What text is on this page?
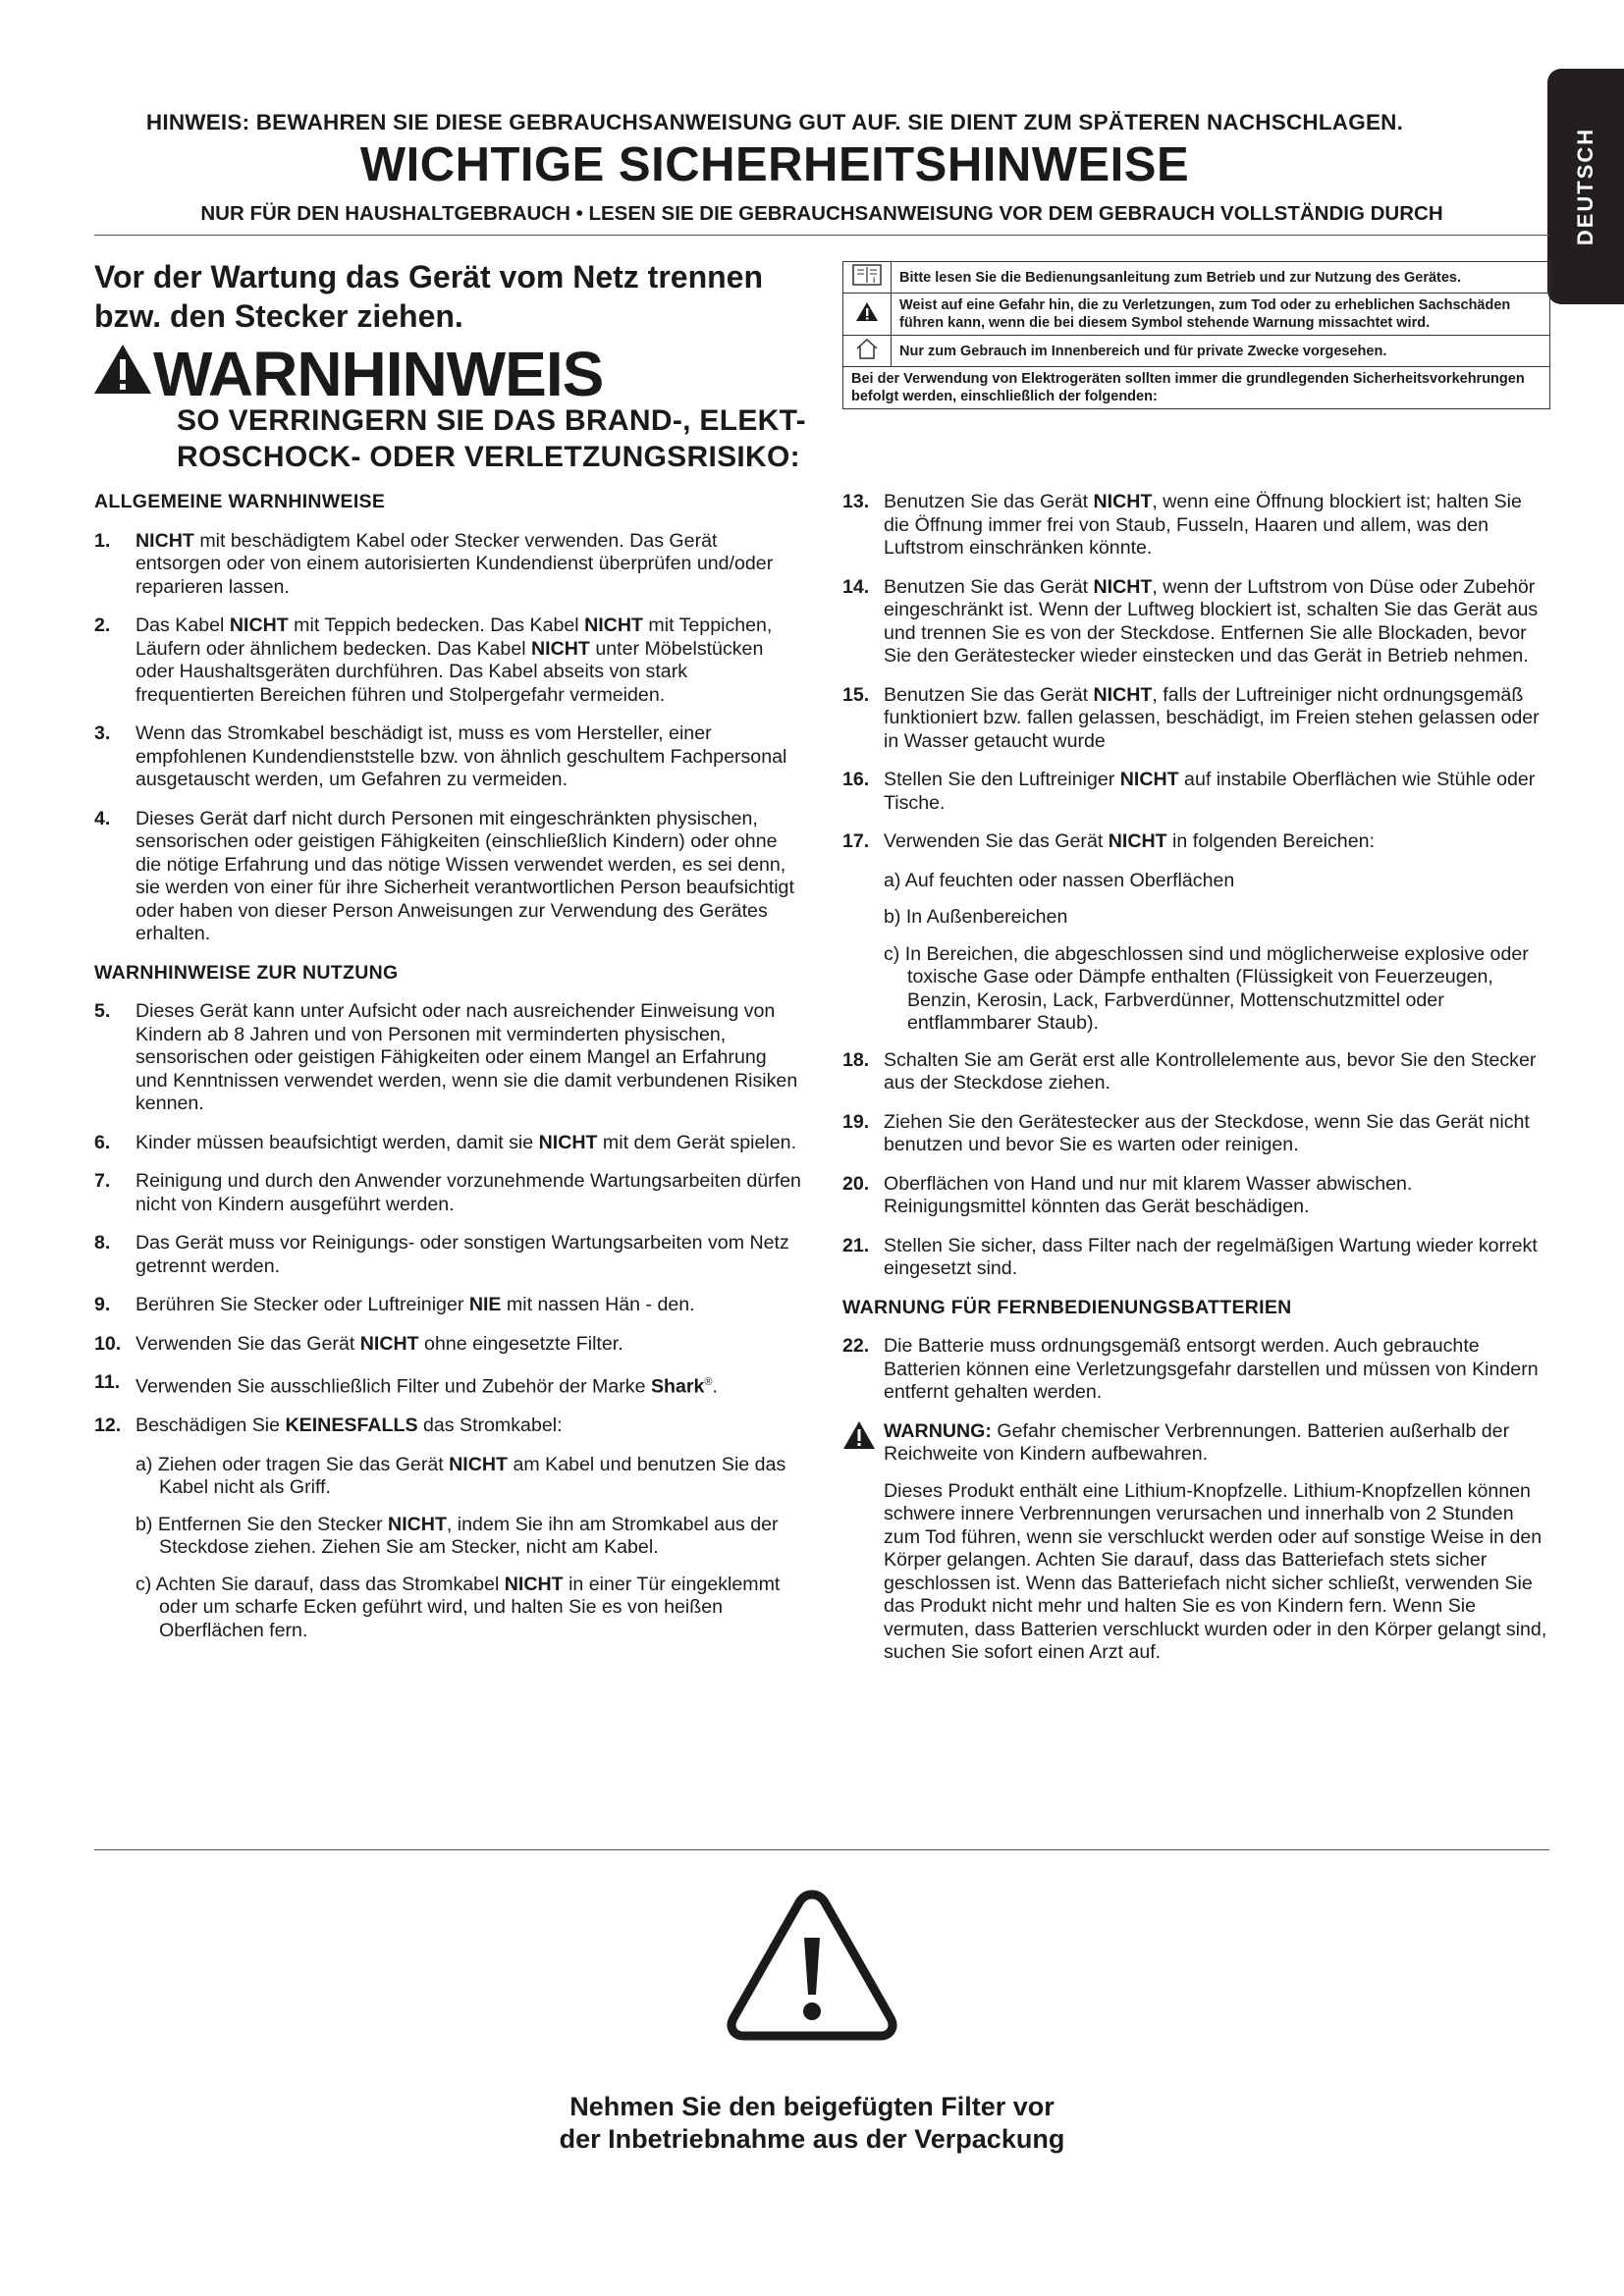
DEUTSCH
HINWEIS: BEWAHREN SIE DIESE GEBRAUCHSANWEISUNG GUT AUF. SIE DIENT ZUM SPÄTEREN NACHSCHLAGEN.
WICHTIGE SICHERHEITSHINWEISE
NUR FÜR DEN HAUSHALTGEBRAUCH • LESEN SIE DIE GEBRAUCHSANWEISUNG VOR DEM GEBRAUCH VOLLSTÄNDIG DURCH
Vor der Wartung das Gerät vom Netz trennen
bzw. den Stecker ziehen.
WARNHINWEIS
SO VERRINGERN SIE DAS BRAND-, ELEKT-
ROSCHOCK- ODER VERLETZUNGSRISIKO:
i	Bitte lesen Sie die Bedienungsanleitung zum Betrieb und zur Nutzung des Gerätes.
	Weist auf eine Gefahr hin, die zu Verletzungen, zum Tod oder zu erheblichen Sachschäden führen kann, wenn die bei diesem Symbol stehende Warnung missachtet wird.
	Nur zum Gebrauch im Innenbereich und für private Zwecke vorgesehen.
Bei der Verwendung von Elektrogeräten sollten immer die grundlegenden Sicherheitsvorkehrungen befolgt werden, einschließlich der folgenden:	
ALLGEMEINE WARNHINWEISE
1.	NICHT mit beschädigtem Kabel oder Stecker verwenden. Das Gerät entsorgen oder von einem autorisierten Kundendienst überprüfen und/oder reparieren lassen.
2.	Das Kabel NICHT mit Teppich bedecken. Das Kabel NICHT mit Teppichen, Läufern oder ähnlichem bedecken. Das Kabel NICHT unter Möbelstücken oder Haushaltsgeräten durchführen. Das Kabel abseits von stark frequentierten Bereichen führen und Stolpergefahr vermeiden.
3.	Wenn das Stromkabel beschädigt ist, muss es vom Hersteller, einer empfohlenen Kundendienststelle bzw. von ähnlich geschultem Fachpersonal ausgetauscht werden, um Gefahren zu vermeiden.
4.	Dieses Gerät darf nicht durch Personen mit eingeschränkten physischen, sensorischen oder geistigen Fähigkeiten (einschließlich Kindern) oder ohne die nötige Erfahrung und das nötige Wissen verwendet werden, es sei denn, sie werden von einer für ihre Sicherheit verantwortlichen Person beaufsichtigt oder haben von dieser Person Anweisungen zur Verwendung des Gerätes erhalten.
WARNHINWEISE ZUR NUTZUNG
5.	Dieses Gerät kann unter Aufsicht oder nach ausreichender Einweisung von Kindern ab 8 Jahren und von Personen mit verminderten physischen, sensorischen oder geistigen Fähigkeiten oder einem Mangel an Erfahrung und Kenntnissen verwendet werden, wenn sie die damit verbundenen Risiken kennen.
6.	Kinder müssen beaufsichtigt werden, damit sie NICHT mit dem Gerät spielen.
7.	Reinigung und durch den Anwender vorzunehmende Wartungsarbeiten dürfen nicht von Kindern ausgeführt werden.
8.	Das Gerät muss vor Reinigungs- oder sonstigen Wartungsarbeiten vom Netz getrennt werden.
9.	Berühren Sie Stecker oder Luftreiniger NIE mit nassen Hän - den.
10. Verwenden Sie das Gerät NICHT ohne eingesetzte Filter.
11. Verwenden Sie ausschließlich Filter und Zubehör der Marke Shark®.
12. Beschädigen Sie KEINESFALLS das Stromkabel:
a) Ziehen oder tragen Sie das Gerät NICHT am Kabel und benutzen Sie das Kabel nicht als Griff.
b) Entfernen Sie den Stecker NICHT, indem Sie ihn am Stromkabel aus der Steckdose ziehen. Ziehen Sie am Stecker, nicht am Kabel.
c) Achten Sie darauf, dass das Stromkabel NICHT in einer Tür eingeklemmt oder um scharfe Ecken geführt wird, und halten Sie es von heißen Oberflächen fern.
13. Benutzen Sie das Gerät NICHT, wenn eine Öffnung blockiert ist; halten Sie die Öffnung immer frei von Staub, Fusseln, Haaren und allem, was den Luftstrom einschränken könnte.
14. Benutzen Sie das Gerät NICHT, wenn der Luftstrom von Düse oder Zubehör eingeschränkt ist. Wenn der Luftweg blockiert ist, schalten Sie das Gerät aus und trennen Sie es von der Steckdose. Entfernen Sie alle Blockaden, bevor Sie den Gerätestecker wieder einstecken und das Gerät in Betrieb nehmen.
15. Benutzen Sie das Gerät NICHT, falls der Luftreiniger nicht ordnungsgemäß funktioniert bzw. fallen gelassen, beschädigt, im Freien stehen gelassen oder in Wasser getaucht wurde
16. Stellen Sie den Luftreiniger NICHT auf instabile Oberflächen wie Stühle oder Tische.
17. Verwenden Sie das Gerät NICHT in folgenden Bereichen:
a) Auf feuchten oder nassen Oberflächen
b) In Außenbereichen
c) In Bereichen, die abgeschlossen sind und möglicherweise explosive oder toxische Gase oder Dämpfe enthalten (Flüssigkeit von Feuerzeugen, Benzin, Kerosin, Lack, Farbverdünner, Mottenschutzmittel oder entflammbarer Staub).
18. Schalten Sie am Gerät erst alle Kontrollelemente aus, bevor Sie den Stecker aus der Steckdose ziehen.
19. Ziehen Sie den Gerätestecker aus der Steckdose, wenn Sie das Gerät nicht benutzen und bevor Sie es warten oder reinigen.
20. Oberflächen von Hand und nur mit klarem Wasser abwischen. Reinigungsmittel könnten das Gerät beschädigen.
21. Stellen Sie sicher, dass Filter nach der regelmäßigen Wartung wieder korrekt eingesetzt sind.
WARNUNG FÜR FERNBEDIENUNGSBATTERIEN
22. Die Batterie muss ordnungsgemäß entsorgt werden. Auch gebrauchte Batterien können eine Verletzungsgefahr darstellen und müssen von Kindern entfernt gehalten werden.
WARNUNG: Gefahr chemischer Verbrennungen. Batterien außerhalb der Reichweite von Kindern aufbewahren.
Dieses Produkt enthält eine Lithium-Knopfzelle. Lithium-Knopfzellen können schwere innere Verbrennungen verursachen und innerhalb von 2 Stunden zum Tod führen, wenn sie verschluckt werden oder auf sonstige Weise in den Körper gelangen. Achten Sie darauf, dass das Batteriefach stets sicher geschlossen ist. Wenn das Batteriefach nicht sicher schließt, verwenden Sie das Produkt nicht mehr und halten Sie es von Kindern fern. Wenn Sie vermuten, dass Batterien verschluckt wurden oder in den Körper gelangt sind, suchen Sie sofort einen Arzt auf.
Nehmen Sie den beigefügten Filter vor
der Inbetriebnahme aus der Verpackung
